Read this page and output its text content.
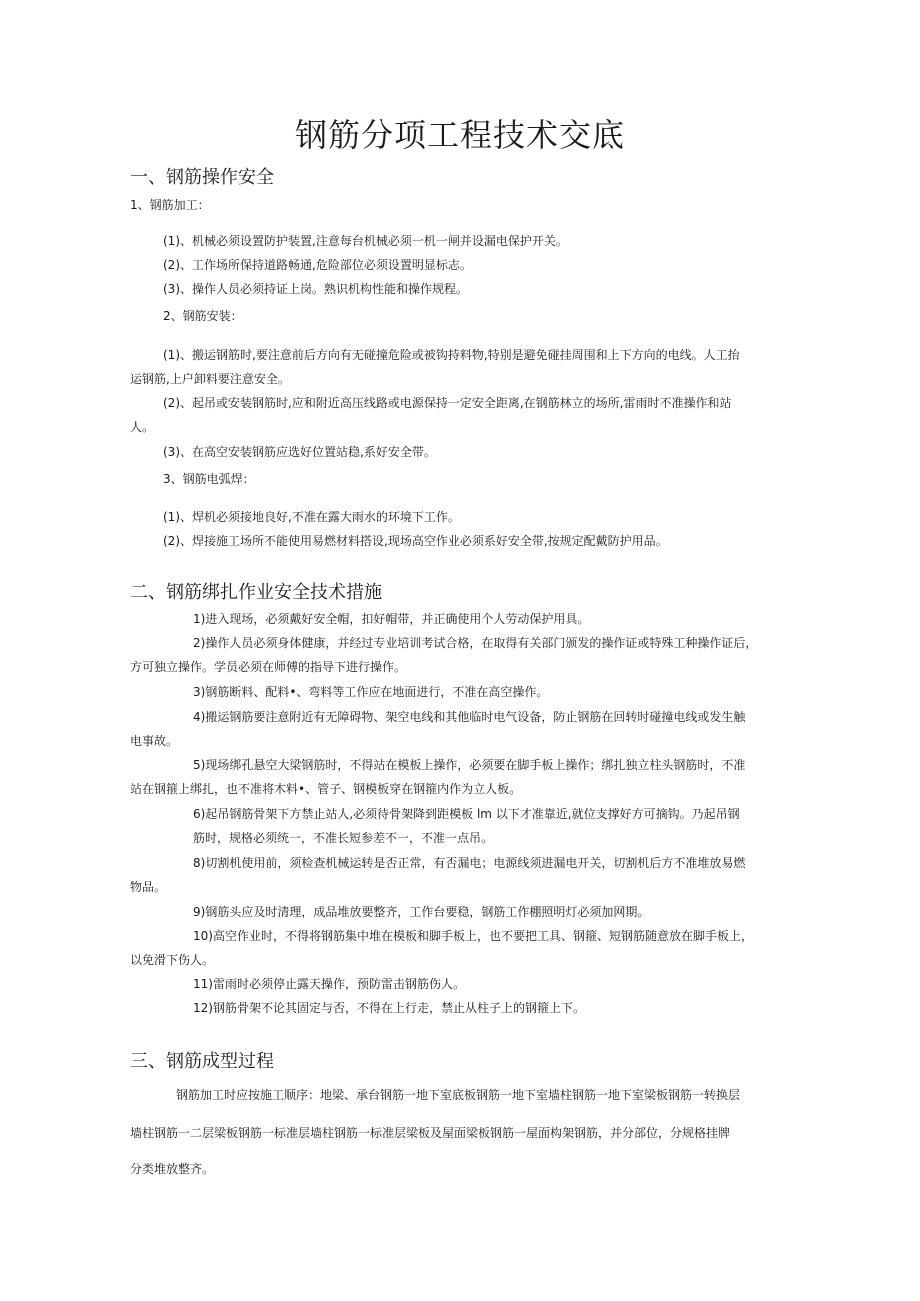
钢筋分项工程技术交底
一、钢筋操作安全
1、钢筋加工：
(1)、机械必须设置防护装置,注意每台机械必须一机一闸并设漏电保护开关。
(2)、工作场所保持道路畅通,危险部位必须设置明显标志。
(3)、操作人员必须持证上岗。熟识机构性能和操作规程。
2、钢筋安装：
(1)、搬运钢筋时,要注意前后方向有无碰撞危险或被钩持料物,特别是避免碰挂周围和上下方向的电线。人工抬
运钢筋,上户卸料要注意安全。
(2)、起吊或安装钢筋时,应和附近高压线路或电源保持一定安全距离,在钢筋林立的场所,雷雨时不准操作和站
人。
(3)、在高空安装钢筋应选好位置站稳,系好安全带。
3、钢筋电弧焊：
(1)、焊机必须接地良好,不准在露大雨水的环境下工作。
(2)、焊接施工场所不能使用易燃材料搭设,现场高空作业必须系好安全带,按规定配戴防护用品。
二、钢筋绑扎作业安全技术措施
1)进入现场，必须戴好安全帽，扣好帽带，并正确使用个人劳动保护用具。
2)操作人员必须身体健康，并经过专业培训考试合格，在取得有关部门颁发的操作证或特殊工种操作证后，
方可独立操作。学员必须在师傅的指导下进行操作。
3)钢筋断料、配料•、弯料等工作应在地面进行，不准在高空操作。
4)搬运钢筋要注意附近有无障碍物、架空电线和其他临时电气设备，防止钢筋在回转时碰撞电线或发生触
电事故。
5)现场绑孔悬空大梁钢筋时，不得站在模板上操作，必须要在脚手板上操作；绑扎独立柱头钢筋时，不准
站在钢箍上绑扎，也不准将木料•、管子、钢模板穿在钢箍内作为立人板。
6)起吊钢筋骨架下方禁止站人,必须待骨架降到距模板 lm 以下才准靠近,就位支撑好方可摘钩。乃起吊钢
筋时，规格必须统一，不准长短参差不一，不准一点吊。
8)切割机使用前，须检查机械运转是否正常，有否漏电；电源线须进漏电开关，切割机后方不准堆放易燃
物品。
9)钢筋头应及时清理，成品堆放要整齐，工作台要稳，钢筋工作棚照明灯必须加网期。
10)高空作业时，不得将钢筋集中堆在模板和脚手板上，也不要把工具、钢箍、短钢筋随意放在脚手板上，
以免滑下伤人。
11)雷雨时必须停止露天操作，预防雷击钢筋伤人。
12)钢筋骨架不论其固定与否，不得在上行走，禁止从柱子上的钢箍上下。
三、钢筋成型过程
钢筋加工时应按施工顺序：地梁、承台钢筋一地下室底板钢筋一地下室墙柱钢筋一地下室梁板钢筋一转换层
墙柱钢筋一二层梁板钢筋一标准层墙柱钢筋一标准层梁板及屋面梁板钢筋一屋面构架钢筋，并分部位，分规格挂牌
分类堆放整齐。
